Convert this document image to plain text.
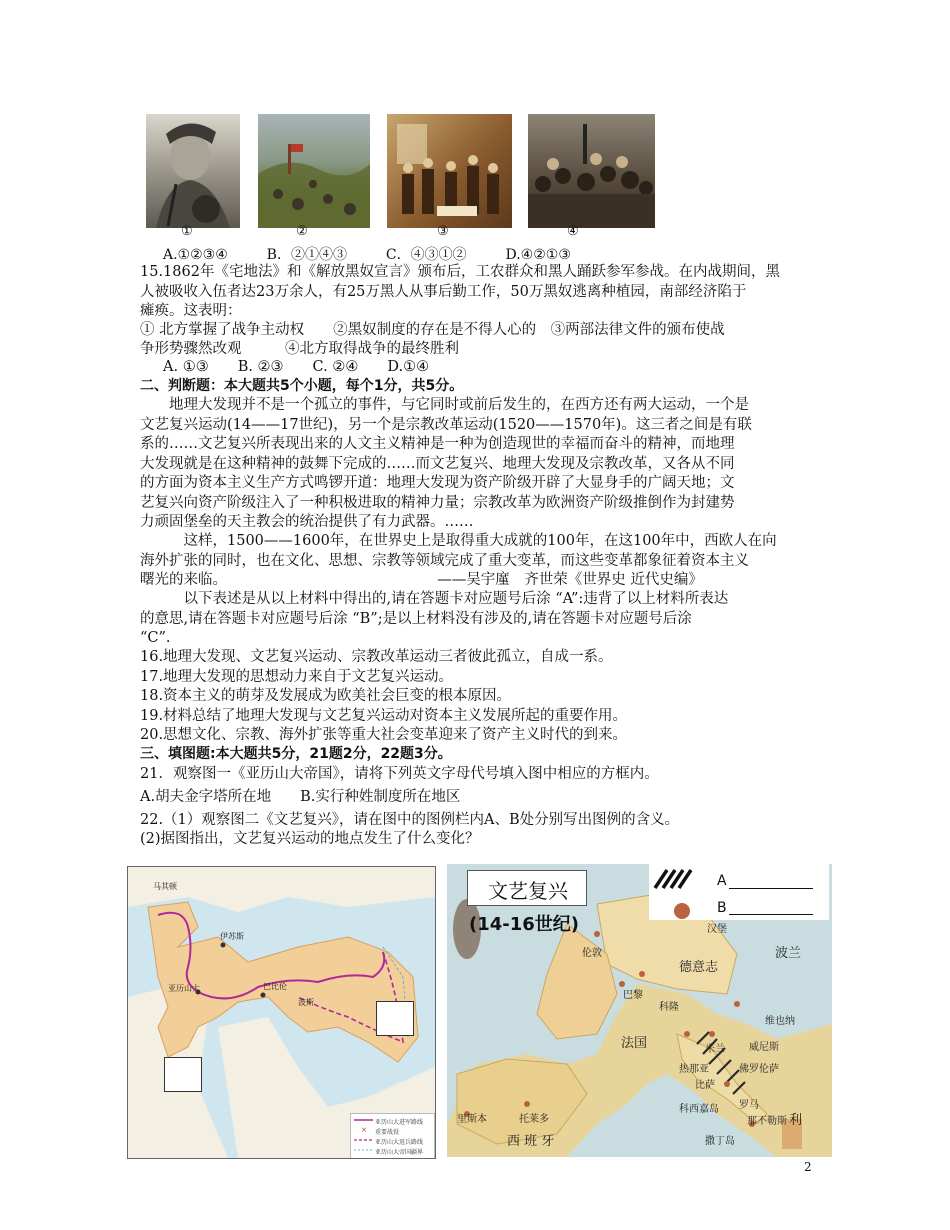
①	②	③	④
A.①②③④	B．②①④③	C．④③①②	D.④②①③
15.1862年《宅地法》和《解放黑奴宣言》颁布后，工农群众和黑人踊跃参军参战。在内战期间，黑
人被吸收入伍者达23万余人，有25万黑人从事后勤工作，50万黑奴逃离种植园，南部经济陷于
瘫痪。这表明：
① 北方掌握了战争主动权　　②黑奴制度的存在是不得人心的　③两部法律文件的颁布使战
争形势骤然改观　　　④北方取得战争的最终胜利
A. ①③　　B. ②③　　C. ②④　　D.①④
二、判断题：本大题共5个小题，每个1分，共5分。
　　地理大发现并不是一个孤立的事件，与它同时或前后发生的，在西方还有两大运动，一个是
文艺复兴运动(14——17世纪)，另一个是宗教改革运动(1520——1570年)。这三者之间是有联
系的……文艺复兴所表现出来的人文主义精神是一种为创造现世的幸福而奋斗的精神，而地理
大发现就是在这种精神的鼓舞下完成的……而文艺复兴、地理大发现及宗教改革，又各从不同
的方面为资本主义生产方式鸣锣开道：地理大发现为资产阶级开辟了大显身手的广阔天地；文
艺复兴向资产阶级注入了一种积极进取的精神力量；宗教改革为欧洲资产阶级推倒作为封建势
力顽固堡垒的天主教会的统治提供了有力武器。……
　　　这样，1500——1600年，在世界史上是取得重大成就的100年，在这100年中，西欧人在向
海外扩张的同时，也在文化、思想、宗教等领域完成了重大变革，而这些变革都象征着资本主义
曙光的来临。　　　　　　　　　　　　　　　——吴宇廑　齐世荣《世界史 近代史编》
　　　以下表述是从以上材料中得出的,请在答题卡对应题号后涂 “A”:违背了以上材料所表达
的意思,请在答题卡对应题号后涂 “B”;是以上材料没有涉及的,请在答题卡对应题号后涂
“C”.
16.地理大发现、文艺复兴运动、宗教改革运动三者彼此孤立，自成一系。
17.地理大发现的思想动力来自于文艺复兴运动。
18.资本主义的萌芽及发展成为欧美社会巨变的根本原因。
19.材料总结了地理大发现与文艺复兴运动对资本主义发展所起的重要作用。
20.思想文化、宗教、海外扩张等重大社会变革迎来了资产主义时代的到来。
三、填图题:本大题共5分，21题2分，22题3分。
21．观察图一《亚历山大帝国》，请将下列英文字母代号填入图中相应的方框内。
A.胡夫金字塔所在地　　B.实行种姓制度所在地区
22.（1）观察图二《文艺复兴》，请在图中的图例栏内A、B处分别写出图例的含义。
(2)据图指出，文艺复兴运动的地点发生了什么变化？
马其顿
伊苏斯
亚历山大	巴比伦
波斯
亚历山大进军路线
重要战役
亚历山大返兵路线
亚历山大帝国疆界
×
文艺复兴
(14-16世纪)
A
B
汉堡
波兰
伦敦
德意志
巴黎
科隆
法国
维也纳
米兰 威尼斯
热那亚	佛罗伦萨
比萨
罗马
利
科西嘉岛
那不勒斯
里斯本	托莱多
西 班 牙	撒丁岛
2
